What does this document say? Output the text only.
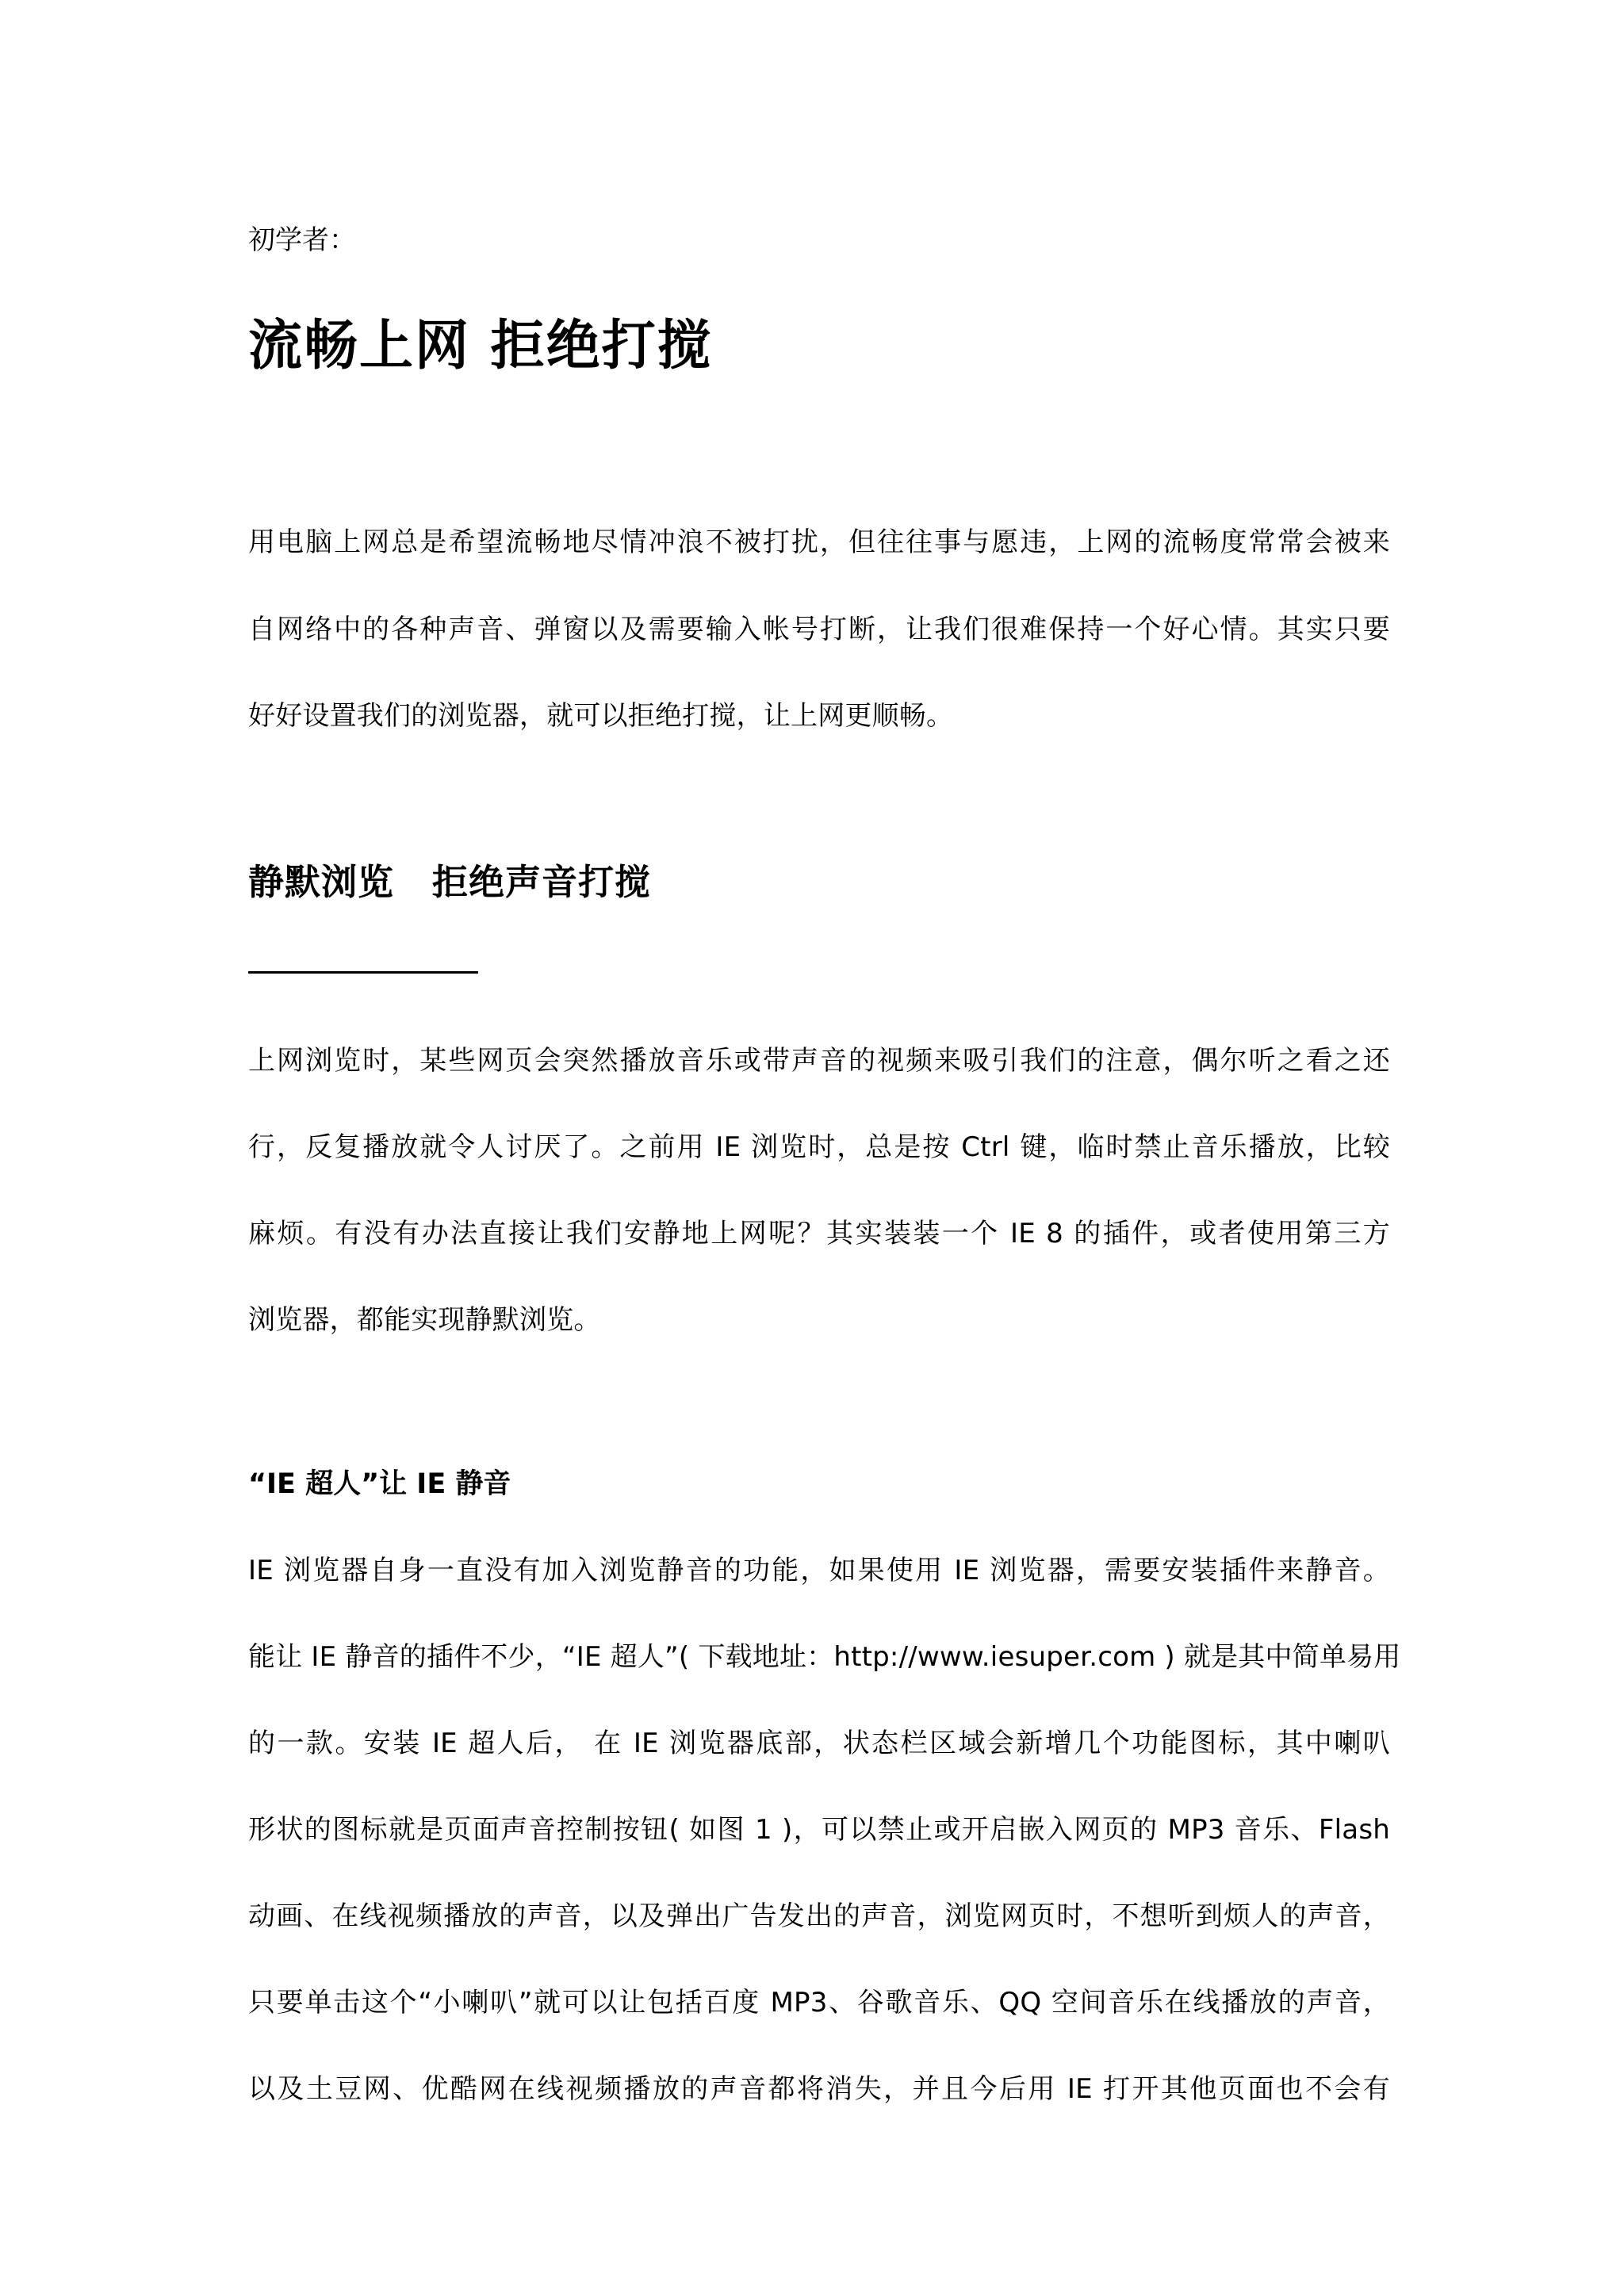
初学者：

流畅上网 拒绝打搅

用电脑上网总是希望流畅地尽情冲浪不被打扰，但往往事与愿违，上网的流畅度常常会被来

自网络中的各种声音、弹窗以及需要输入帐号打断，让我们很难保持一个好心情。其实只要

好好设置我们的浏览器，就可以拒绝打搅，让上网更顺畅。

静默浏览 拒绝声音打搅

上网浏览时，某些网页会突然播放音乐或带声音的视频来吸引我们的注意，偶尔听之看之还

行，反复播放就令人讨厌了。之前用 IE 浏览时，总是按 Ctrl 键，临时禁止音乐播放，比较

麻烦。有没有办法直接让我们安静地上网呢？其实装装一个 IE 8 的插件，或者使用第三方

浏览器，都能实现静默浏览。

“IE 超人”让 IE 静音

IE 浏览器自身一直没有加入浏览静音的功能，如果使用 IE 浏览器，需要安装插件来静音。

能让 IE 静音的插件不少，“IE 超人”( 下载地址：http://www.iesuper.com ) 就是其中简单易用

的一款。安装 IE 超人后， 在 IE 浏览器底部，状态栏区域会新增几个功能图标，其中喇叭

形状的图标就是页面声音控制按钮( 如图 1 )，可以禁止或开启嵌入网页的 MP3 音乐、Flash

动画、在线视频播放的声音，以及弹出广告发出的声音，浏览网页时，不想听到烦人的声音，

只要单击这个“小喇叭”就可以让包括百度 MP3、谷歌音乐、QQ 空间音乐在线播放的声音，

以及土豆网、优酷网在线视频播放的声音都将消失，并且今后用 IE 打开其他页面也不会有
